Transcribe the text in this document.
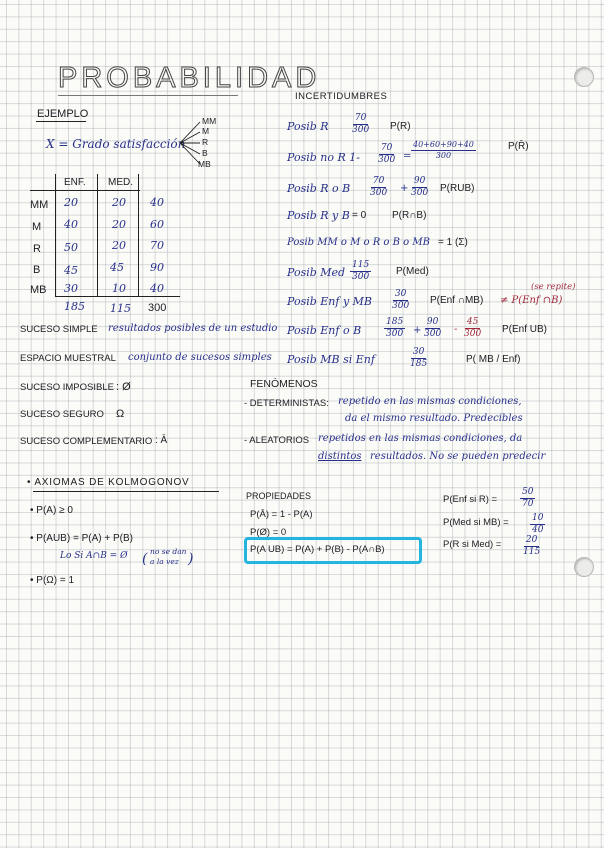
PROBABILIDAD
EJEMPLO
X = Grado satisfacción
MM
M
R
B
MB
ENF. MED.
MM 20	20 40
M 40	20 60
R 50	20 70
B 45	45 90
MB 30	10 40
185 115 300
INCERTIDUMBRES
Posib R	$\frac{70}{300} P(R)$
Posib no R $1- \frac{70}{300} = \frac{40+60+90+40}{300}$	P(R̄)
Posib R o B $\frac{70}{300} + \frac{90}{300} P(RUB)$
Posib R y B = 0	P(R∩B)
Posib MM o M o R o B o MB = 1 (Σ)
Posib Med $\frac{115}{300} P(Med)$
(se repite)
Posib Enf y MB $\frac{30}{300} P(Enf$ ∩MB) ≠ P(Enf ∩B)
Posib Enf o B	$\frac{185}{300} + \frac{90}{300} - \frac{45}{300} P(Enf$ UB)
Posib MB si Enf	$\frac{30}{185}$	P( MB / Enf)
SUCESO SIMPLE resultados posibles de un estudio
ESPACIO MUESTRAL conjunto de sucesos simples
SUCESO IMPOSIBLE : Ø
SUCESO SEGURO Ω
SUCESO COMPLEMENTARIO : Ā
FENÓMENOS
- DETERMINISTAS: repetido en las mismas condiciones,
da el mismo resultado. Predecibles
- ALEATORIOS repetidos en las mismas condiciones, da
distintos resultados. No se pueden predecir
• AXIOMAS DE KOLMOGONOV
• P(A) ≥ 0
• P(AUB) = P(A) + P(B)
Lo Si A∩B = Ø ( no se dan
a la vez )
• P(Ω) = 1
PROPIEDADES
P(Ā) = 1 - P(A)
P(Ø) = 0
P(A UB) = P(A) + P(B) - P(A∩B)
P(Enf si R) =	$\frac{50}{70}$
P(Med si $MB) = \frac{10}{40}$
P(R si $Med) = \frac{20}{115}$
